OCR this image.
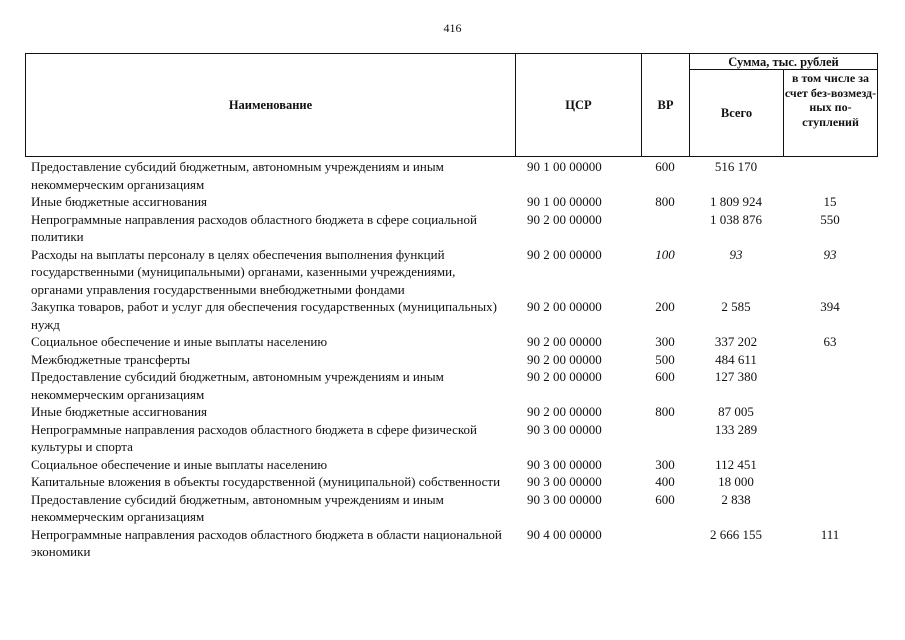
416
Наименование	ЦСР	ВР	Сумма, тыс. рублей	
			Всего	в том числе за счет без-возмезд-ных по-ступлений
Предоставление субсидий бюджетным, автономным учреждениям и иным некоммерческим организациям	90 1 00 00000	600	516 170	
Иные бюджетные ассигнования	90 1 00 00000	800	1 809 924	15
Непрограммные направления расходов областного бюджета в сфере социальной политики	90 2 00 00000		1 038 876	550
Расходы на выплаты персоналу в целях обеспечения выполнения функций государственными (муниципальными) органами, казенными учреждениями, органами управления государственными внебюджетными фондами	90 2 00 00000	100	93	93
Закупка товаров, работ и услуг для обеспечения государственных (муниципальных) нужд	90 2 00 00000	200	2 585	394
Социальное обеспечение и иные выплаты населению	90 2 00 00000	300	337 202	63
Межбюджетные трансферты	90 2 00 00000	500	484 611	
Предоставление субсидий бюджетным, автономным учреждениям и иным некоммерческим организациям	90 2 00 00000	600	127 380	
Иные бюджетные ассигнования	90 2 00 00000	800	87 005	
Непрограммные направления расходов областного бюджета в сфере физической культуры и спорта	90 3 00 00000		133 289	
Социальное обеспечение и иные выплаты населению	90 3 00 00000	300	112 451	
Капитальные вложения в объекты государственной (муниципальной) собственности	90 3 00 00000	400	18 000	
Предоставление субсидий бюджетным, автономным учреждениям и иным некоммерческим организациям	90 3 00 00000	600	2 838	
Непрограммные направления расходов областного бюджета в области национальной экономики	90 4 00 00000		2 666 155	111
